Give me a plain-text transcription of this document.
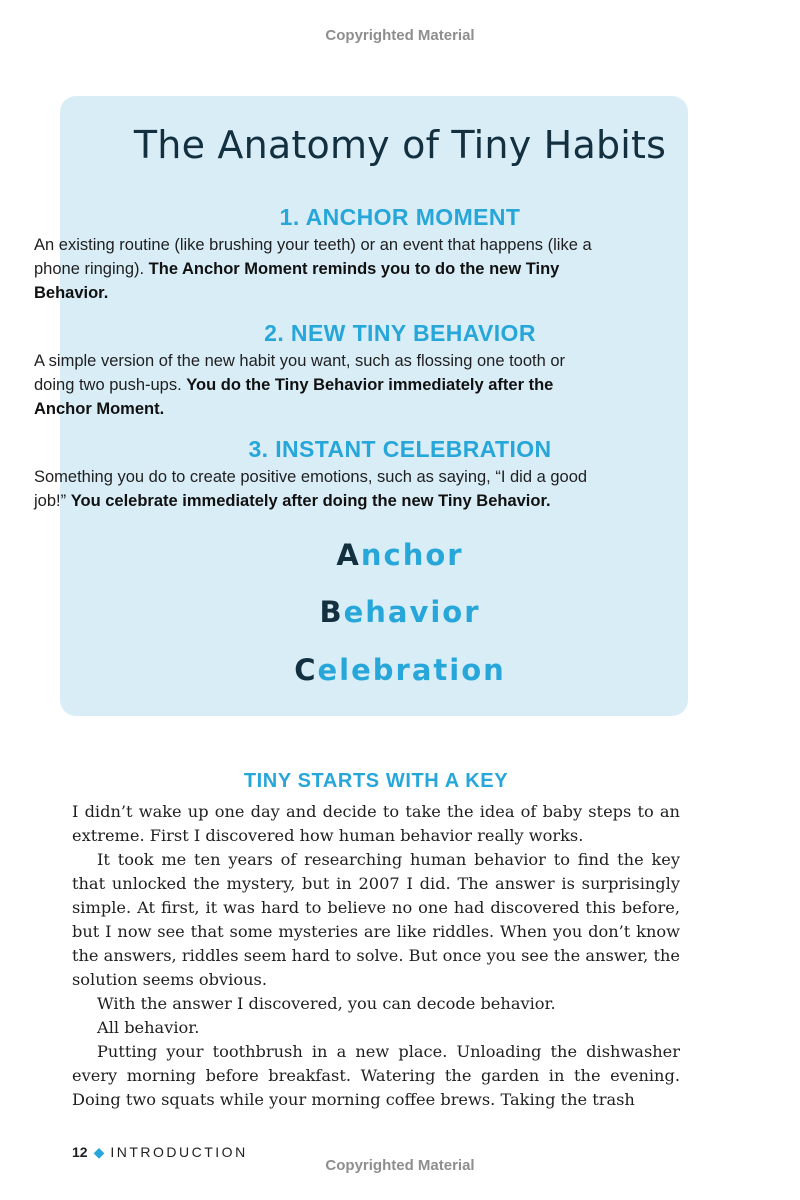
Copyrighted Material
The Anatomy of Tiny Habits
1. ANCHOR MOMENT
An existing routine (like brushing your teeth) or an event that happens (like a phone ringing). The Anchor Moment reminds you to do the new Tiny Behavior.
2. NEW TINY BEHAVIOR
A simple version of the new habit you want, such as flossing one tooth or doing two push-ups. You do the Tiny Behavior immediately after the Anchor Moment.
3. INSTANT CELEBRATION
Something you do to create positive emotions, such as saying, “I did a good job!” You celebrate immediately after doing the new Tiny Behavior.
Anchor
Behavior
Celebration
TINY STARTS WITH A KEY

I didn’t wake up one day and decide to take the idea of baby steps to an extreme. First I discovered how human behavior really works.

It took me ten years of researching human behavior to find the key that unlocked the mystery, but in 2007 I did. The answer is surprisingly simple. At first, it was hard to believe no one had discovered this before, but I now see that some mysteries are like riddles. When you don’t know the answers, riddles seem hard to solve. But once you see the answer, the solution seems obvious.

With the answer I discovered, you can decode behavior.

All behavior.

Putting your toothbrush in a new place. Unloading the dishwasher every morning before breakfast. Watering the garden in the evening. Doing two squats while your morning coffee brews. Taking the trash

12 ◆ INTRODUCTION
Copyrighted Material
